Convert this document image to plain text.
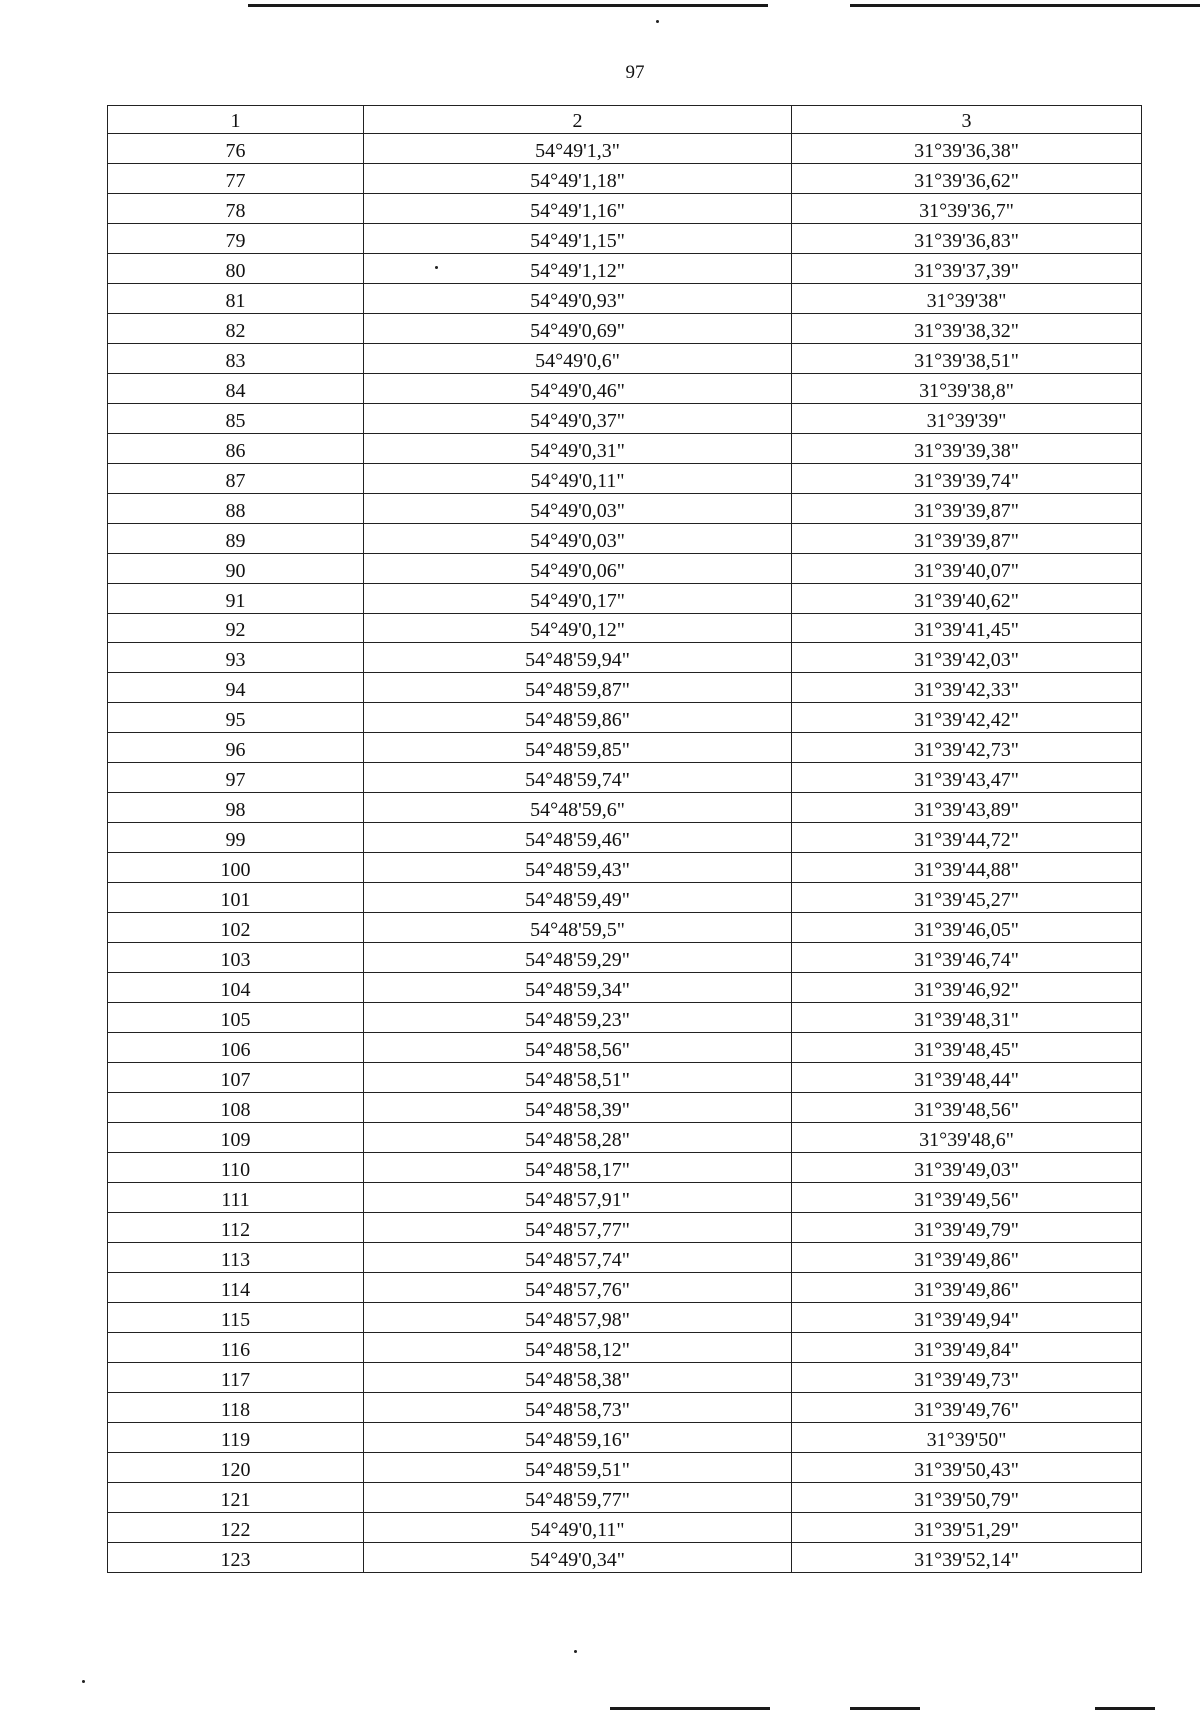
97
1	2	3
76	54°49'1,3"	31°39'36,38"
77	54°49'1,18"	31°39'36,62"
78	54°49'1,16"	31°39'36,7"
79	54°49'1,15"	31°39'36,83"
80	54°49'1,12"	31°39'37,39"
81	54°49'0,93"	31°39'38"
82	54°49'0,69"	31°39'38,32"
83	54°49'0,6"	31°39'38,51"
84	54°49'0,46"	31°39'38,8"
85	54°49'0,37"	31°39'39"
86	54°49'0,31"	31°39'39,38"
87	54°49'0,11"	31°39'39,74"
88	54°49'0,03"	31°39'39,87"
89	54°49'0,03"	31°39'39,87"
90	54°49'0,06"	31°39'40,07"
91	54°49'0,17"	31°39'40,62"
92	54°49'0,12"	31°39'41,45"
93	54°48'59,94"	31°39'42,03"
94	54°48'59,87"	31°39'42,33"
95	54°48'59,86"	31°39'42,42"
96	54°48'59,85"	31°39'42,73"
97	54°48'59,74"	31°39'43,47"
98	54°48'59,6"	31°39'43,89"
99	54°48'59,46"	31°39'44,72"
100	54°48'59,43"	31°39'44,88"
101	54°48'59,49"	31°39'45,27"
102	54°48'59,5"	31°39'46,05"
103	54°48'59,29"	31°39'46,74"
104	54°48'59,34"	31°39'46,92"
105	54°48'59,23"	31°39'48,31"
106	54°48'58,56"	31°39'48,45"
107	54°48'58,51"	31°39'48,44"
108	54°48'58,39"	31°39'48,56"
109	54°48'58,28"	31°39'48,6"
110	54°48'58,17"	31°39'49,03"
111	54°48'57,91"	31°39'49,56"
112	54°48'57,77"	31°39'49,79"
113	54°48'57,74"	31°39'49,86"
114	54°48'57,76"	31°39'49,86"
115	54°48'57,98"	31°39'49,94"
116	54°48'58,12"	31°39'49,84"
117	54°48'58,38"	31°39'49,73"
118	54°48'58,73"	31°39'49,76"
119	54°48'59,16"	31°39'50"
120	54°48'59,51"	31°39'50,43"
121	54°48'59,77"	31°39'50,79"
122	54°49'0,11"	31°39'51,29"
123	54°49'0,34"	31°39'52,14"
